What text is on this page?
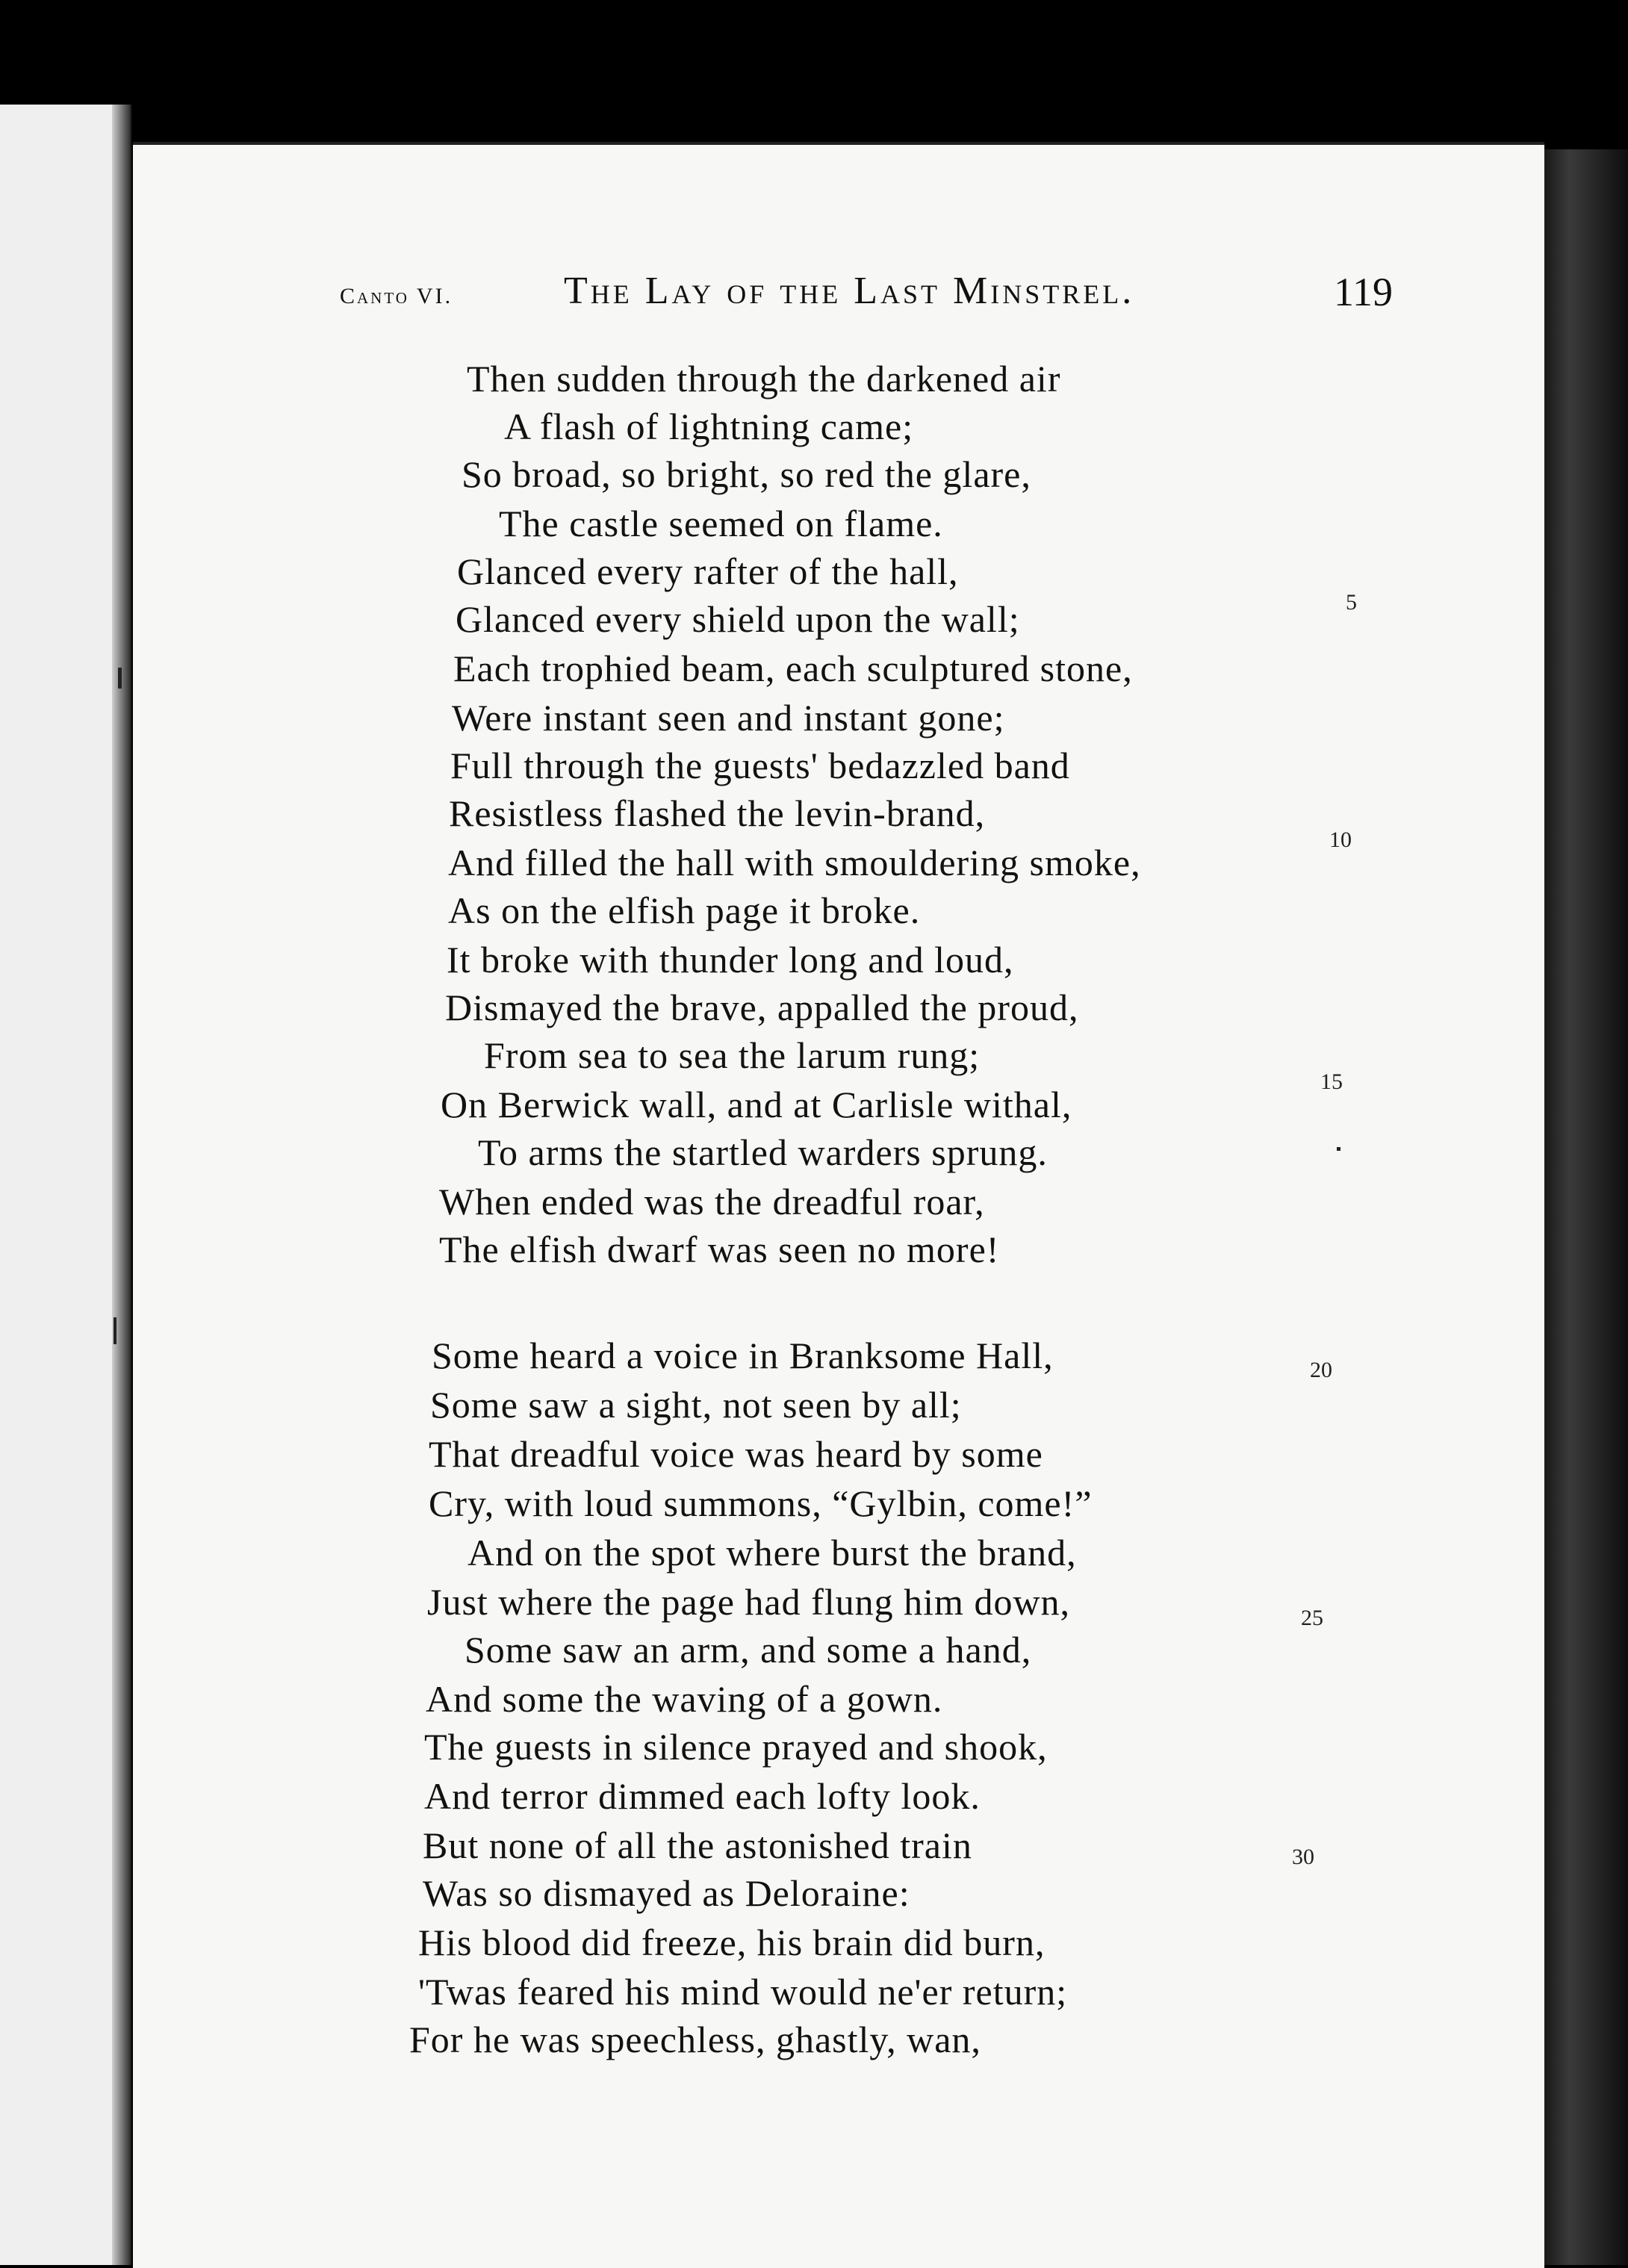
Canto VI.	The Lay of the Last Minstrel.	119
Then sudden through the darkened air
A flash of lightning came;
So broad, so bright, so red the glare,
The castle seemed on flame.
Glanced every rafter of the hall,
Glanced every shield upon the wall;
Each trophied beam, each sculptured stone,
Were instant seen and instant gone;
Full through the guests' bedazzled band
Resistless flashed the levin-brand,
And filled the hall with smouldering smoke,
As on the elfish page it broke.
It broke with thunder long and loud,
Dismayed the brave, appalled the proud,
From sea to sea the larum rung;
On Berwick wall, and at Carlisle withal,
To arms the startled warders sprung.
When ended was the dreadful roar,
The elfish dwarf was seen no more!
Some heard a voice in Branksome Hall,
Some saw a sight, not seen by all;
That dreadful voice was heard by some
Cry, with loud summons, “Gylbin, come!”
And on the spot where burst the brand,
Just where the page had flung him down,
Some saw an arm, and some a hand,
And some the waving of a gown.
The guests in silence prayed and shook,
And terror dimmed each lofty look.
But none of all the astonished train
Was so dismayed as Deloraine:
His blood did freeze, his brain did burn,
'Twas feared his mind would ne'er return;
For he was speechless, ghastly, wan,
5
10
15
20
25
30
